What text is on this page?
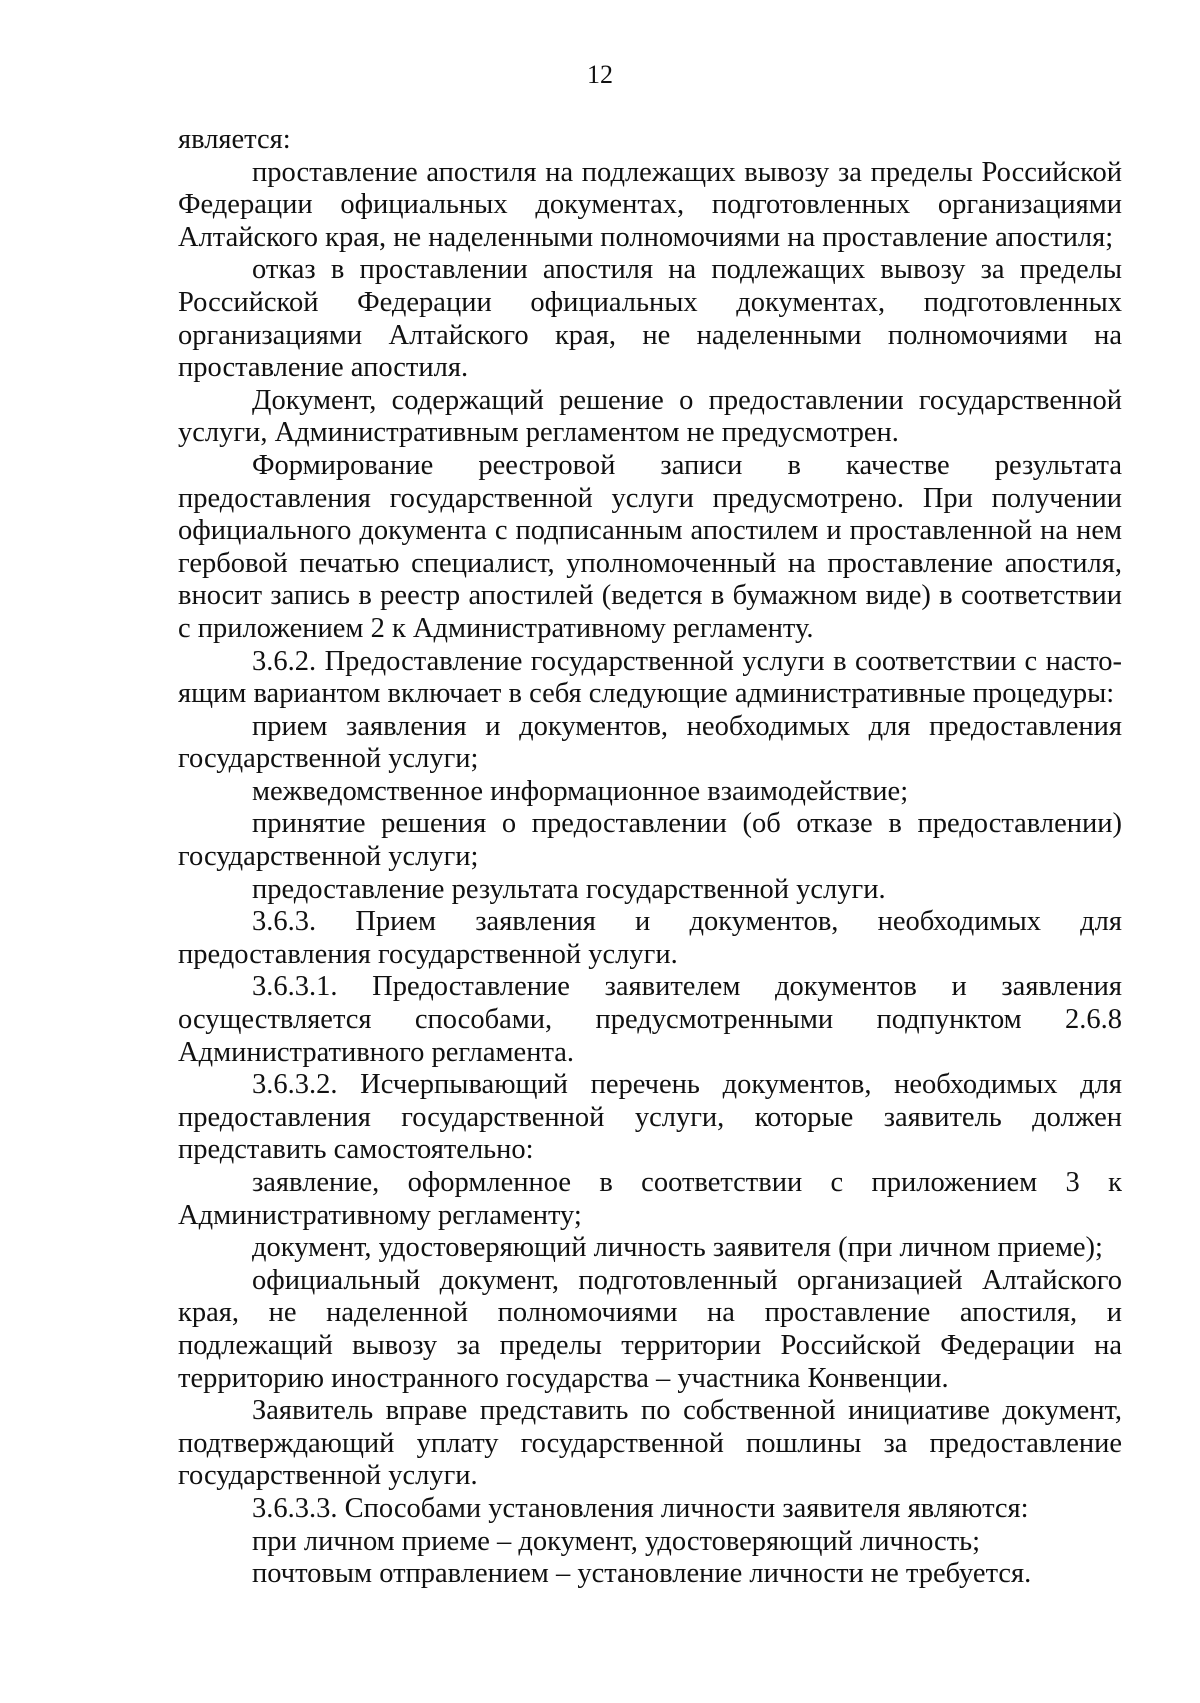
12

является:

проставление апостиля на подлежащих вывозу за пределы Российской Федерации официальных документах, подготовленных организациями Алтайского края, не наделенными полномочиями на проставление апостиля;

отказ в проставлении апостиля на подлежащих вывозу за пределы Российской Федерации официальных документах, подготовленных организациями Алтайского края, не наделенными полномочиями на проставление апостиля.

Документ, содержащий решение о предоставлении государственной услуги, Административным регламентом не предусмотрен.

Формирование реестровой записи в качестве результата предоставления государственной услуги предусмотрено. При получении официального документа с подписанным апостилем и проставленной на нем гербовой печатью специалист, уполномоченный на проставление апостиля, вносит запись в реестр апостилей (ведется в бумажном виде) в соответствии с приложением 2 к Административному регламенту.

3.6.2. Предоставление государственной услуги в соответствии с насто-ящим вариантом включает в себя следующие административные процедуры:

прием заявления и документов, необходимых для предоставления государственной услуги;

межведомственное информационное взаимодействие;

принятие решения о предоставлении (об отказе в предоставлении) государственной услуги;

предоставление результата государственной услуги.

3.6.3. Прием заявления и документов, необходимых для предоставления государственной услуги.

3.6.3.1. Предоставление заявителем документов и заявления осуществляется способами, предусмотренными подпунктом 2.6.8 Административного регламента.

3.6.3.2. Исчерпывающий перечень документов, необходимых для предоставления государственной услуги, которые заявитель должен представить самостоятельно:

заявление, оформленное в соответствии с приложением 3 к Административному регламенту;

документ, удостоверяющий личность заявителя (при личном приеме);

официальный документ, подготовленный организацией Алтайского края, не наделенной полномочиями на проставление апостиля, и подлежащий вывозу за пределы территории Российской Федерации на территорию иностранного государства – участника Конвенции.

Заявитель вправе представить по собственной инициативе документ, подтверждающий уплату государственной пошлины за предоставление государственной услуги.

3.6.3.3. Способами установления личности заявителя являются:

при личном приеме – документ, удостоверяющий личность;

почтовым отправлением – установление личности не требуется.
